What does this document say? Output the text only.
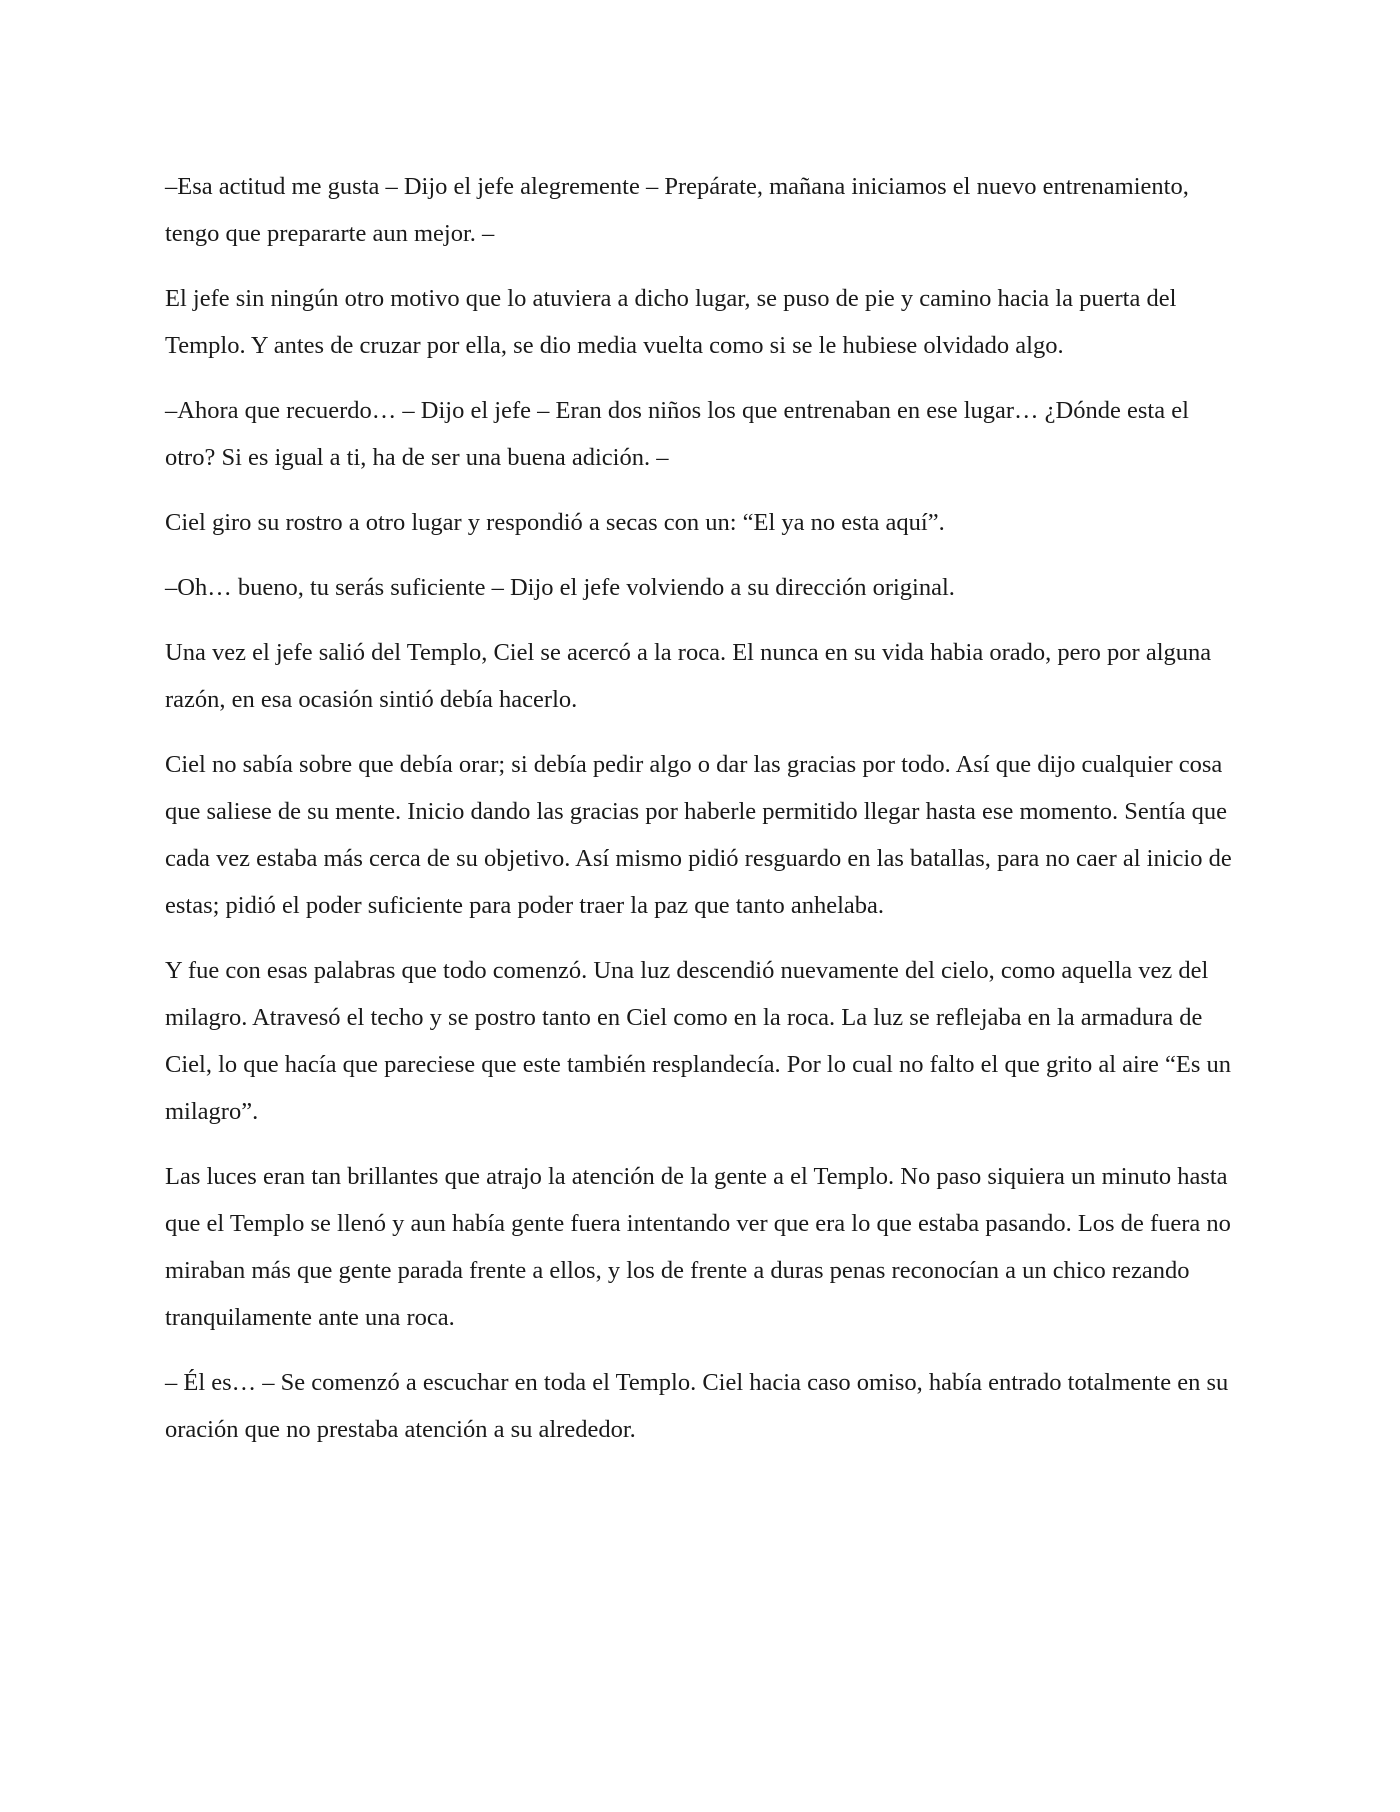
–Esa actitud me gusta – Dijo el jefe alegremente – Prepárate, mañana iniciamos el nuevo entrenamiento, tengo que prepararte aun mejor. –

El jefe sin ningún otro motivo que lo atuviera a dicho lugar, se puso de pie y camino hacia la puerta del Templo. Y antes de cruzar por ella, se dio media vuelta como si se le hubiese olvidado algo.

–Ahora que recuerdo… – Dijo el jefe – Eran dos niños los que entrenaban en ese lugar… ¿Dónde esta el otro? Si es igual a ti, ha de ser una buena adición. –

Ciel giro su rostro a otro lugar y respondió a secas con un: “El ya no esta aquí”.

–Oh… bueno, tu serás suficiente – Dijo el jefe volviendo a su dirección original.

Una vez el jefe salió del Templo, Ciel se acercó a la roca. El nunca en su vida habia orado, pero por alguna razón, en esa ocasión sintió debía hacerlo.

Ciel no sabía sobre que debía orar; si debía pedir algo o dar las gracias por todo. Así que dijo cualquier cosa que saliese de su mente. Inicio dando las gracias por haberle permitido llegar hasta ese momento. Sentía que cada vez estaba más cerca de su objetivo. Así mismo pidió resguardo en las batallas, para no caer al inicio de estas; pidió el poder suficiente para poder traer la paz que tanto anhelaba.

Y fue con esas palabras que todo comenzó. Una luz descendió nuevamente del cielo, como aquella vez del milagro. Atravesó el techo y se postro tanto en Ciel como en la roca. La luz se reflejaba en la armadura de Ciel, lo que hacía que pareciese que este también resplandecía. Por lo cual no falto el que grito al aire “Es un milagro”.

Las luces eran tan brillantes que atrajo la atención de la gente a el Templo. No paso siquiera un minuto hasta que el Templo se llenó y aun había gente fuera intentando ver que era lo que estaba pasando. Los de fuera no miraban más que gente parada frente a ellos, y los de frente a duras penas reconocían a un chico rezando tranquilamente ante una roca.

– Él es… – Se comenzó a escuchar en toda el Templo. Ciel hacia caso omiso, había entrado totalmente en su oración que no prestaba atención a su alrededor.
